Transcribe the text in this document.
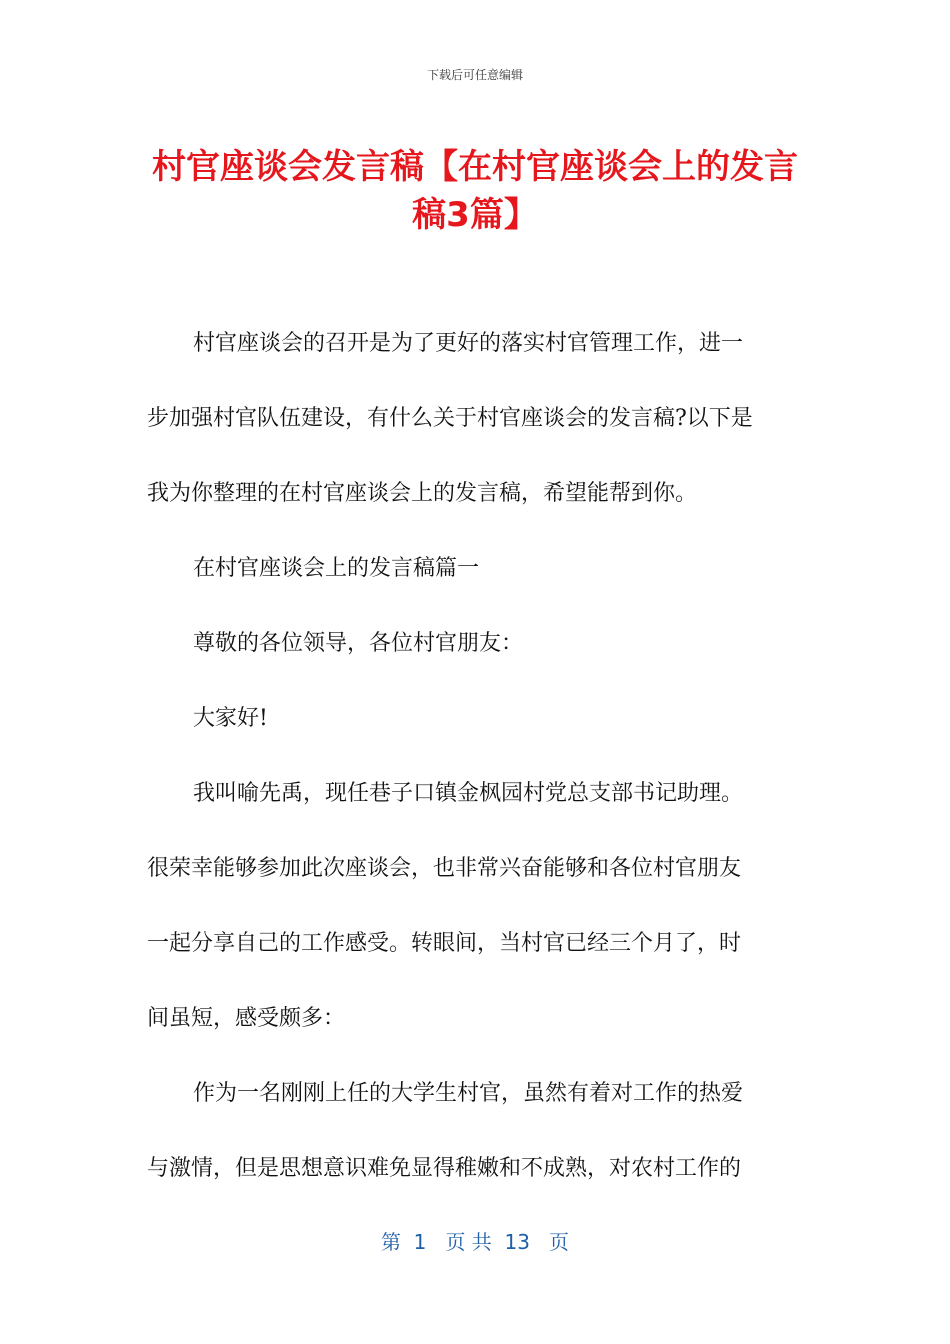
下载后可任意编辑
村官座谈会发言稿【在村官座谈会上的发言
稿3篇】
村官座谈会的召开是为了更好的落实村官管理工作，进一
步加强村官队伍建设，有什么关于村官座谈会的发言稿?以下是
我为你整理的在村官座谈会上的发言稿，希望能帮到你。
在村官座谈会上的发言稿篇一
尊敬的各位领导，各位村官朋友：
大家好!
我叫喻先禹，现任巷子口镇金枫园村党总支部书记助理。
很荣幸能够参加此次座谈会，也非常兴奋能够和各位村官朋友
一起分享自己的工作感受。转眼间，当村官已经三个月了，时
间虽短，感受颇多：
作为一名刚刚上任的大学生村官，虽然有着对工作的热爱
与激情，但是思想意识难免显得稚嫩和不成熟，对农村工作的
第  1   页 共  13   页
